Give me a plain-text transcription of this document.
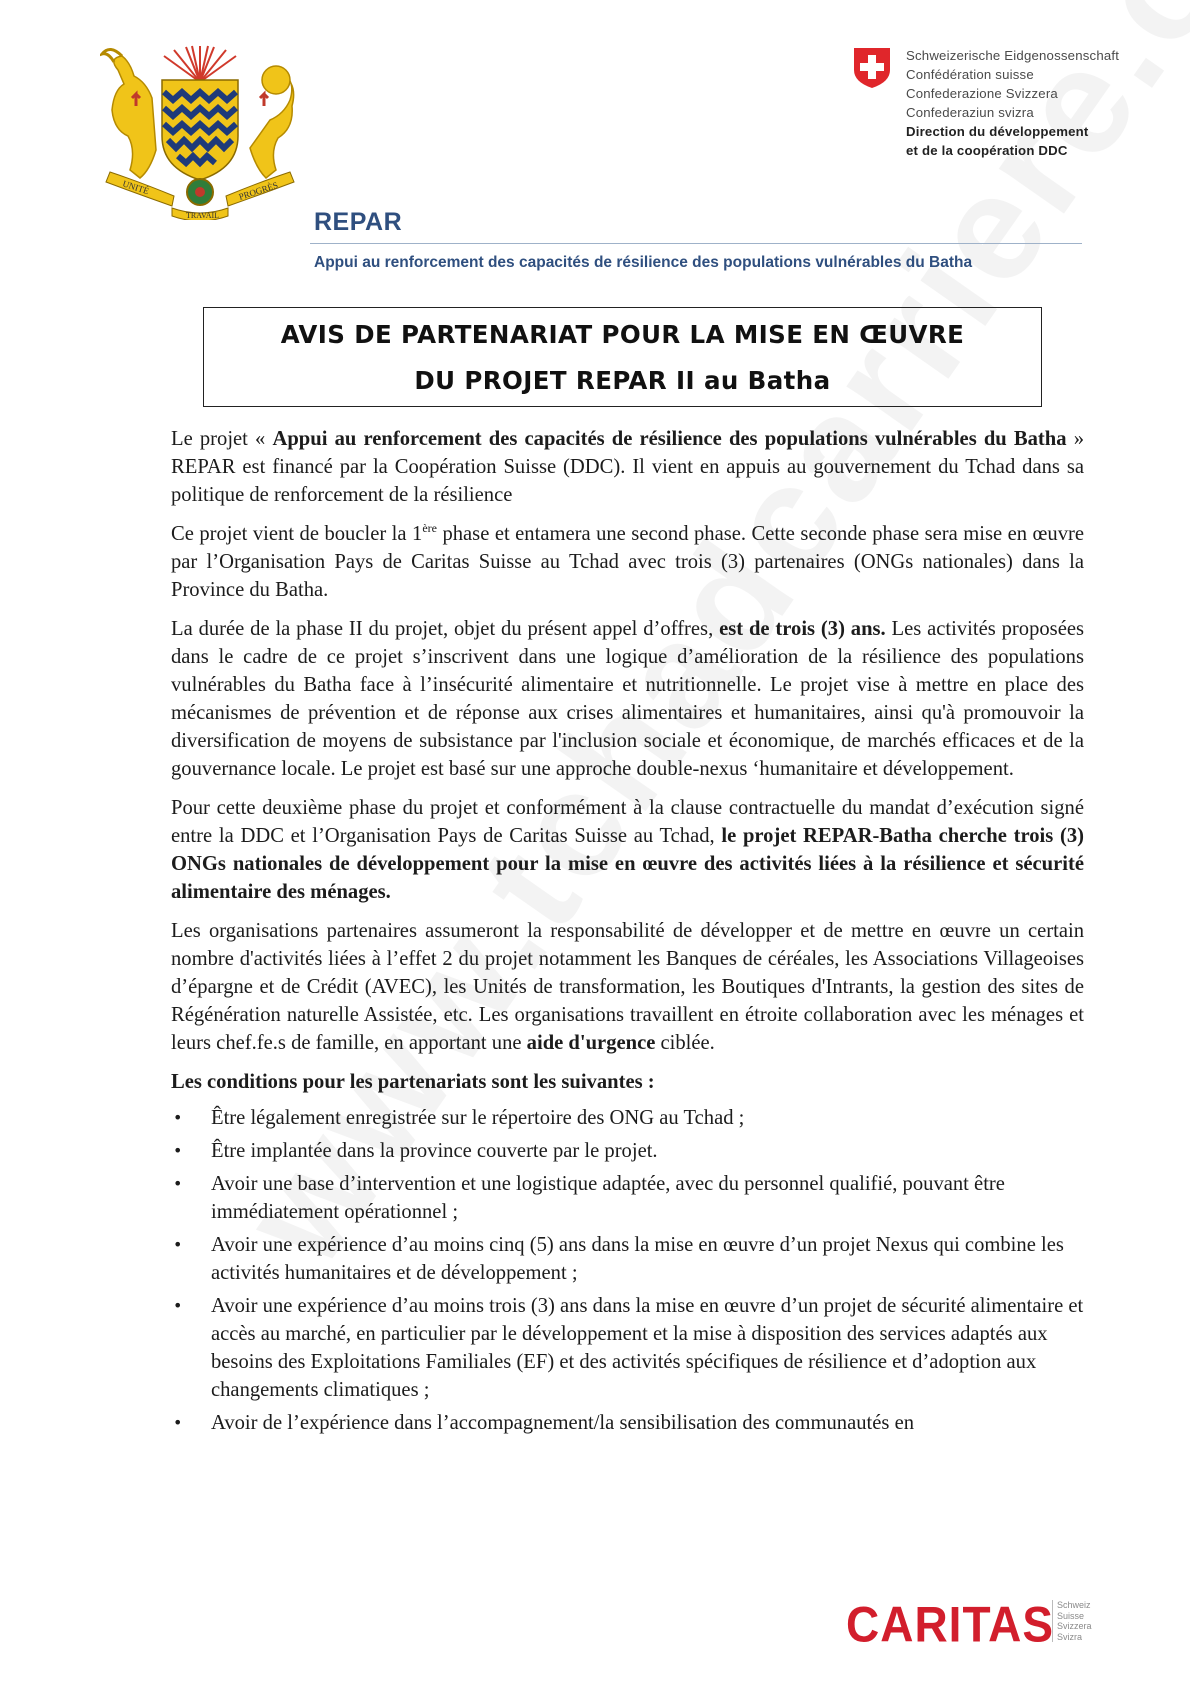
UNITÉ
TRAVAIL
PROGRÈS
Schweizerische Eidgenossenschaft
Confédération suisse
Confederazione Svizzera
Confederaziun svizra
Direction du développement
et de la coopération DDC
REPAR
Appui au renforcement des capacités de résilience des populations vulnérables du Batha
AVIS DE PARTENARIAT POUR LA MISE EN ŒUVRE
DU PROJET REPAR II au Batha

Le projet « Appui au renforcement des capacités de résilience des populations vulnérables du Batha » REPAR est financé par la Coopération Suisse (DDC). Il vient en appuis au gouvernement du Tchad dans sa politique de renforcement de la résilience

Ce projet vient de boucler la 1ère phase et entamera une second phase. Cette seconde phase sera mise en œuvre par l’Organisation Pays de Caritas Suisse au Tchad avec trois (3) partenaires (ONGs nationales) dans la Province du Batha.

La durée de la phase II du projet, objet du présent appel d’offres, est de trois (3) ans. Les activités proposées dans le cadre de ce projet s’inscrivent dans une logique d’amélioration de la résilience des populations vulnérables du Batha face à l’insécurité alimentaire et nutritionnelle. Le projet vise à mettre en place des mécanismes de prévention et de réponse aux crises alimentaires et humanitaires, ainsi qu'à promouvoir la diversification de moyens de subsistance par l'inclusion sociale et économique, de marchés efficaces et de la gouvernance locale. Le projet est basé sur une approche double-nexus ‘humanitaire et développement.

Pour cette deuxième phase du projet et conformément à la clause contractuelle du mandat d’exécution signé entre la DDC et l’Organisation Pays de Caritas Suisse au Tchad, le projet REPAR-Batha cherche trois (3) ONGs nationales de développement pour la mise en œuvre des activités liées à la résilience et sécurité alimentaire des ménages.

Les organisations partenaires assumeront la responsabilité de développer et de mettre en œuvre un certain nombre d'activités liées à l’effet 2 du projet notamment les Banques de céréales, les Associations Villageoises d’épargne et de Crédit (AVEC), les Unités de transformation, les Boutiques d'Intrants, la gestion des sites de Régénération naturelle Assistée, etc. Les organisations travaillent en étroite collaboration avec les ménages et leurs chef.fe.s de famille, en apportant une aide d'urgence ciblée.

Les conditions pour les partenariats sont les suivantes :
• Être légalement enregistrée sur le répertoire des ONG au Tchad ;
• Être implantée dans la province couverte par le projet.
• Avoir une base d’intervention et une logistique adaptée, avec du personnel qualifié, pouvant être immédiatement opérationnel ;
• Avoir une expérience d’au moins cinq (5) ans dans la mise en œuvre d’un projet Nexus qui combine les activités humanitaires et de développement ;
• Avoir une expérience d’au moins trois (3) ans dans la mise en œuvre d’un projet de sécurité alimentaire et accès au marché, en particulier par le développement et la mise à disposition des services adaptés aux besoins des Exploitations Familiales (EF) et des activités spécifiques de résilience et d’adoption aux changements climatiques ;
• Avoir de l’expérience dans l’accompagnement/la sensibilisation des communautés en
CARITAS Schweiz
Suisse
Svizzera
Svizra
